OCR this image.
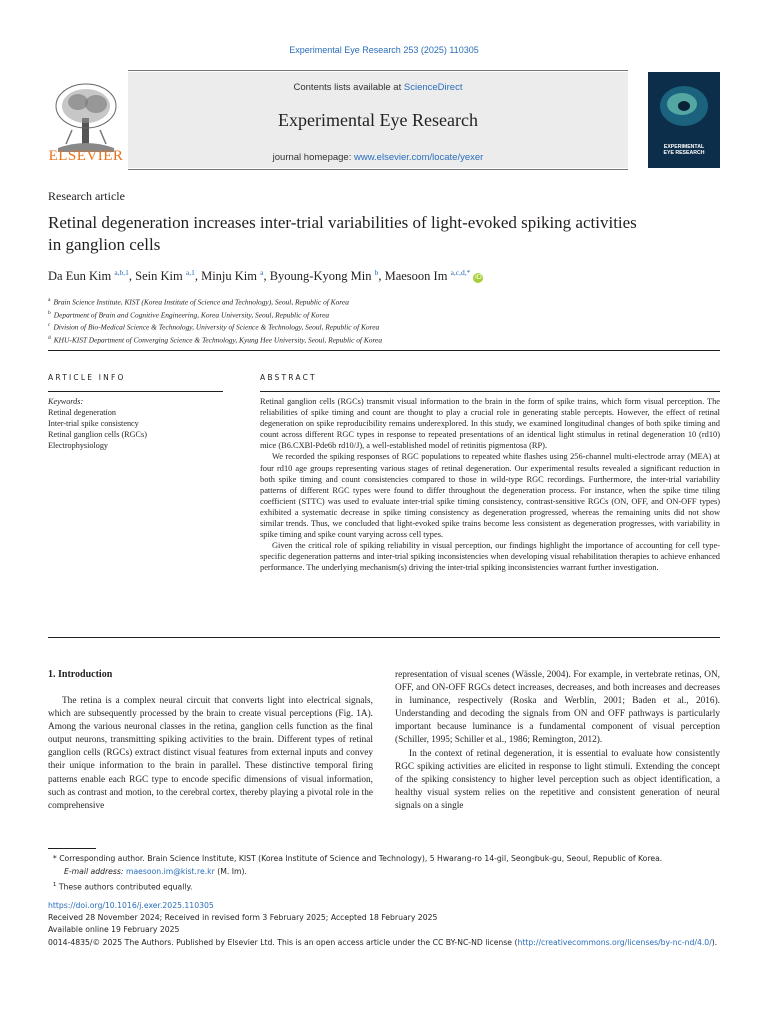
Experimental Eye Research 253 (2025) 110305
ELSEVIER
Contents lists available at ScienceDirect
Experimental Eye Research
journal homepage: www.elsevier.com/locate/yexer
EXPERIMENTAL
EYE RESEARCH
Research article
Retinal degeneration increases inter-trial variabilities of light-evoked spiking activities in ganglion cells
Da Eun Kim $^{a,b,1}$, Sein Kim $^{a,1}$, Minju Kim $^a$, Byoung-Kyong Min $^b$, Maesoon Im $^{a,c,d,*}$ iD
$^a$ Brain Science Institute, KIST (Korea Institute of Science and Technology), Seoul, Republic of Korea
$^b$ Department of Brain and Cognitive Engineering, Korea University, Seoul, Republic of Korea
$^c$ Division of Bio-Medical Science & Technology, University of Science & Technology, Seoul, Republic of Korea
$^d$ KHU-KIST Department of Converging Science & Technology, Kyung Hee University, Seoul, Republic of Korea
ARTICLE INFO
Keywords:
Retinal degeneration
Inter-trial spike consistency
Retinal ganglion cells (RGCs)
Electrophysiology
ABSTRACT

Retinal ganglion cells (RGCs) transmit visual information to the brain in the form of spike trains, which form visual perception. The reliabilities of spike timing and count are thought to play a crucial role in generating stable percepts. However, the effect of retinal degeneration on spike reproducibility remains underexplored. In this study, we examined longitudinal changes of both spike timing and count across different RGC types in response to repeated presentations of an identical light stimulus in retinal degeneration 10 (rd10) mice (B6.CXBl-Pde6b rd10/J), a well-established model of retinitis pigmentosa (RP).

We recorded the spiking responses of RGC populations to repeated white flashes using 256-channel multi-electrode array (MEA) at four rd10 age groups representing various stages of retinal degeneration. Our experimental results revealed a significant reduction in both spike timing and count consistencies compared to those in wild-type RGC recordings. Furthermore, the inter-trial variability patterns of different RGC types were found to differ throughout the degeneration process. For instance, when the spike time tiling coefficient (STTC) was used to evaluate inter-trial spike timing consistency, contrast-sensitive RGCs (ON, OFF, and ON-OFF types) exhibited a systematic decrease in spike timing consistency as degeneration progressed, whereas the remaining units did not show similar trends. Thus, we concluded that light-evoked spike trains become less consistent as degeneration progresses, with variability in spike timing and spike count varying across cell types.

Given the critical role of spiking reliability in visual perception, our findings highlight the importance of accounting for cell type-specific degeneration patterns and inter-trial spiking inconsistencies when developing visual rehabilitation therapies to achieve enhanced performance. The underlying mechanism(s) driving the inter-trial spiking inconsistencies warrant further investigation.

1. Introduction

The retina is a complex neural circuit that converts light into electrical signals, which are subsequently processed by the brain to create visual perceptions (Fig. 1A). Among the various neuronal classes in the retina, ganglion cells function as the final output neurons, transmitting spiking activities to the brain. Different types of retinal ganglion cells (RGCs) extract distinct visual features from external inputs and convey their unique information to the brain in parallel. These distinctive temporal firing patterns enable each RGC type to encode specific dimensions of visual information, such as contrast and motion, to the cerebral cortex, thereby playing a pivotal role in the comprehensive

representation of visual scenes (Wässle, 2004). For example, in vertebrate retinas, ON, OFF, and ON-OFF RGCs detect increases, decreases, and both increases and decreases in luminance, respectively (Roska and Werblin, 2001; Baden et al., 2016). Understanding and decoding the signals from ON and OFF pathways is particularly important because luminance is a fundamental component of visual perception (Schiller, 1995; Schiller et al., 1986; Remington, 2012).

In the context of retinal degeneration, it is essential to evaluate how consistently RGC spiking activities are elicited in response to light stimuli. Extending the concept of the spiking consistency to higher level perception such as object identification, a healthy visual system relies on the repetitive and consistent generation of neural signals on a single

* Corresponding author. Brain Science Institute, KIST (Korea Institute of Science and Technology), 5 Hwarang-ro 14-gil, Seongbuk-gu, Seoul, Republic of Korea.
E-mail address: maesoon.im@kist.re.kr (M. Im).
$^1$ These authors contributed equally.
https://doi.org/10.1016/j.exer.2025.110305
Received 28 November 2024; Received in revised form 3 February 2025; Accepted 18 February 2025
Available online 19 February 2025
0014-4835/© 2025 The Authors. Published by Elsevier Ltd. This is an open access article under the CC BY-NC-ND license (http://creativecommons.org/licenses/by-nc-nd/4.0/).
